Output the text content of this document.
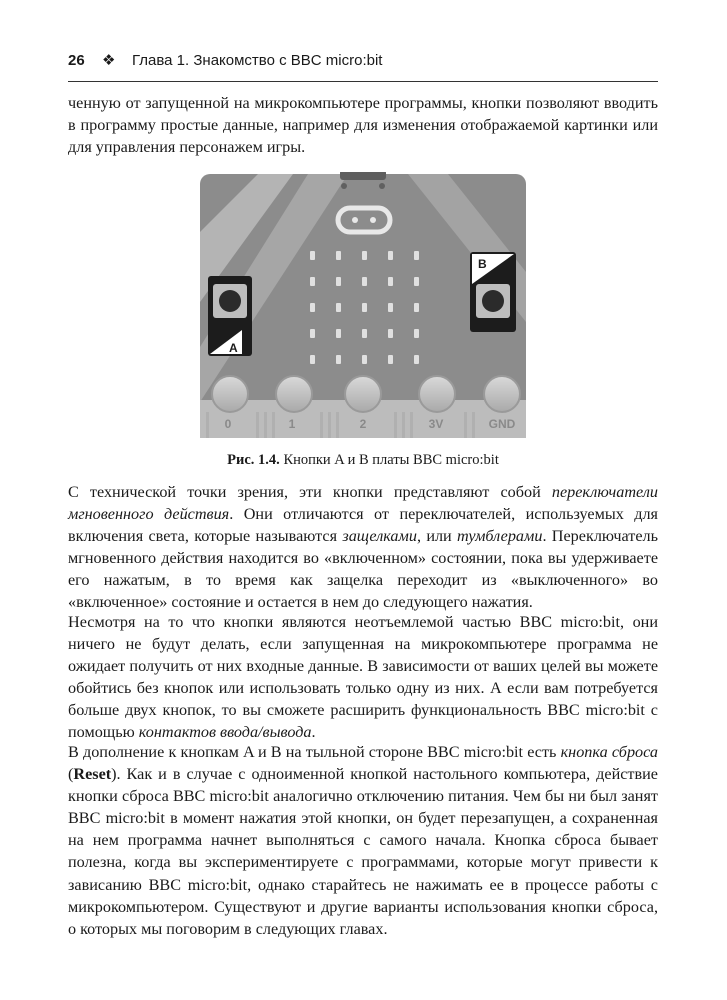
26 ❖ Глава 1. Знакомство с BBC micro:bit

ченную от запущенной на микрокомпьютере программы, кнопки позволяют вводить в программу простые данные, например для изменения отображаемой картинки или для управления персонажем игры.

A
B
0	1	2	3V	GND
Рис. 1.4. Кнопки A и B платы BBC micro:bit

С технической точки зрения, эти кнопки представляют собой переключатели мгновенного действия. Они отличаются от переключателей, используемых для включения света, которые называются защелками, или тумблерами. Переключатель мгновенного действия находится во «включенном» состоянии, пока вы удерживаете его нажатым, в то время как защелка переходит из «выключенного» во «включенное» состояние и остается в нем до следующего нажатия.

Несмотря на то что кнопки являются неотъемлемой частью BBC micro:bit, они ничего не будут делать, если запущенная на микрокомпьютере программа не ожидает получить от них входные данные. В зависимости от ваших целей вы можете обойтись без кнопок или использовать только одну из них. А если вам потребуется больше двух кнопок, то вы сможете расширить функциональность BBC micro:bit с помощью контактов ввода/вывода.

В дополнение к кнопкам A и B на тыльной стороне BBC micro:bit есть кнопка сброса (Reset). Как и в случае с одноименной кнопкой настольного компьютера, действие кнопки сброса BBC micro:bit аналогично отключению питания. Чем бы ни был занят BBC micro:bit в момент нажатия этой кнопки, он будет перезапущен, а сохраненная на нем программа начнет выполняться с самого начала. Кнопка сброса бывает полезна, когда вы экспериментируете с программами, которые могут привести к зависанию BBC micro:bit, однако старайтесь не нажимать ее в процессе работы с микрокомпьютером. Существуют и другие варианты использования кнопки сброса, о которых мы поговорим в следующих главах.
